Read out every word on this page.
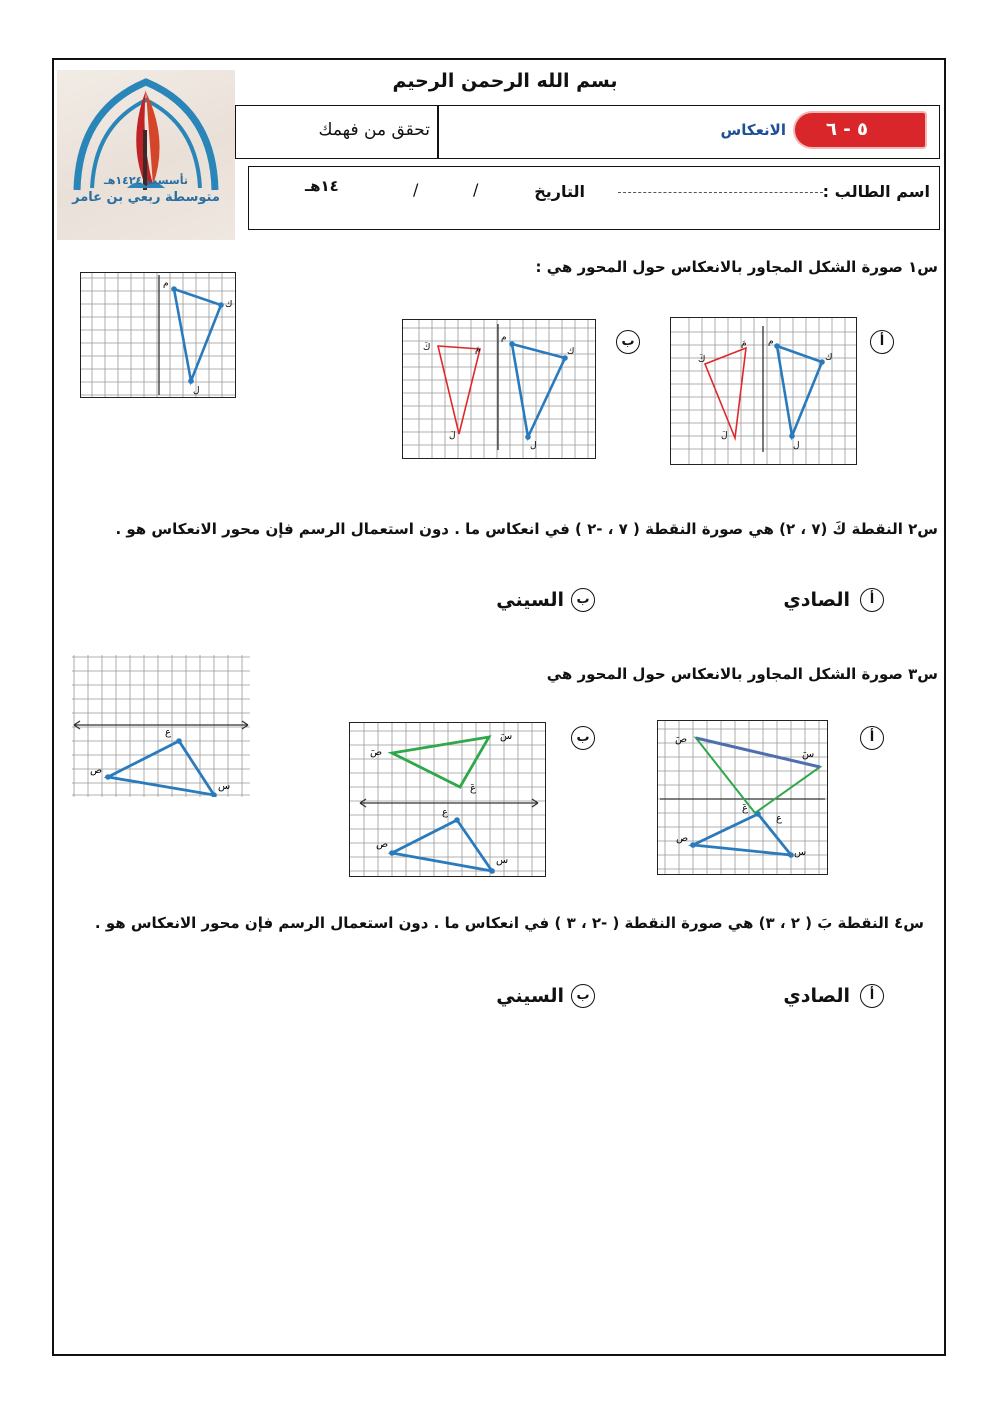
تأسست ١٤٢٤هـ
متوسطة ربعي بن عامر
بسم الله الرحمن الرحيم
تحقق من فهمك	٥ - ٦
الانعكاس
اسم الطالب :
التاريخ
/
/
١٤هـ
س١ صورة الشكل المجاور بالانعكاس حول المحور هي :
م
ك
ل
أ
مَ
كَ
لَ
م
ك
ل
ب
مَ
كَ
لَ
م
ك
ل
س٢ النقطة كَ (٧ ، ٢) هي صورة النقطة ( ٧ ، -٢ ) في انعكاس ما . دون استعمال الرسم فإن محور الانعكاس هو .
أ
الصادي
ب
السيني
س٣ صورة الشكل المجاور بالانعكاس حول المحور هي
ع
ص
س
أ
صَ
سَ
عَ
ع
ص
س
ب
سَ
صَ
عَ
ع
ص
س
س٤ النقطة بَ ( ٢ ، ٣) هي صورة النقطة ( -٢ ، ٣ ) في انعكاس ما . دون استعمال الرسم فإن محور الانعكاس هو .
أ
الصادي
ب
السيني
